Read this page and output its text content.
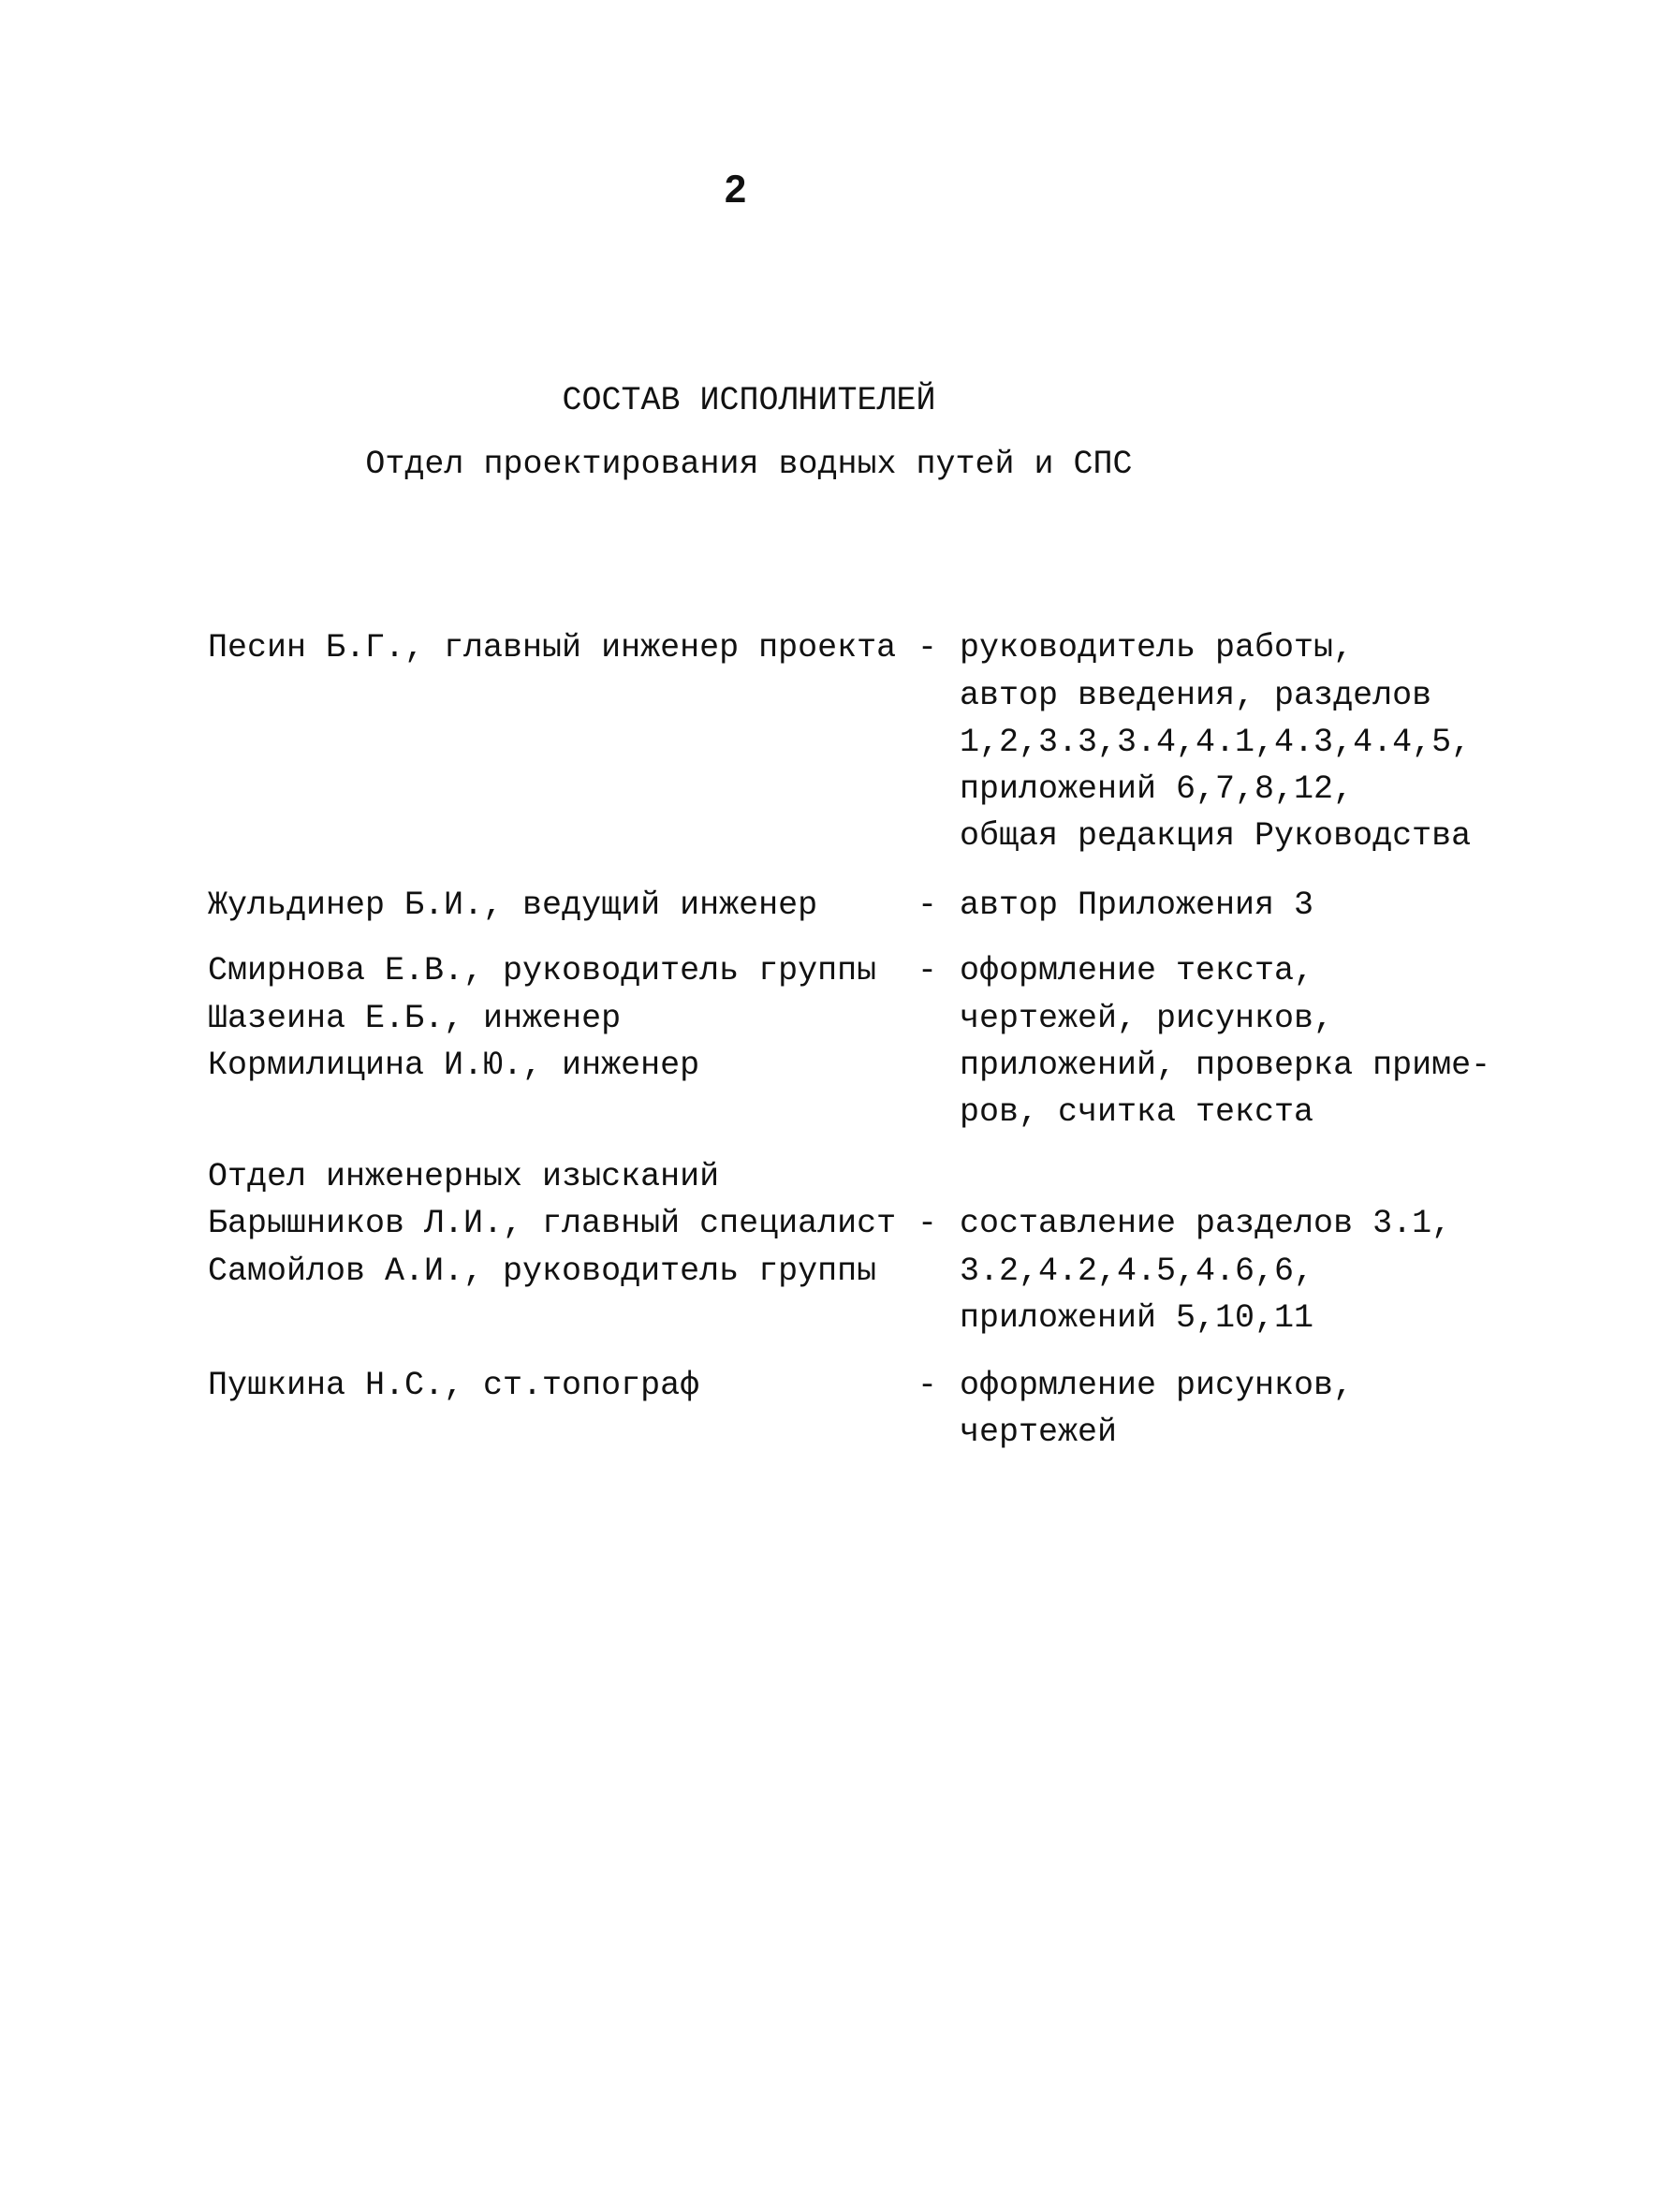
2
СОСТАВ ИСПОЛНИТЕЛЕЙ
Отдел проектирования водных путей и СПС
Песин Б.Г., главный инженер проекта - руководитель работы,
автор введения, разделов
1,2,3.3,3.4,4.1,4.3,4.4,5,
приложений 6,7,8,12,
общая редакция Руководства
Жульдинер Б.И., ведущий инженер	- автор Приложения 3
Смирнова Е.В., руководитель группы
Шазеина Е.Б., инженер
Кормилицина И.Ю., инженер
- оформление текста,
чертежей, рисунков,
приложений, проверка приме-
ров, считка текста
Отдел инженерных изысканий
Барышников Л.И., главный специалист
Самойлов А.И., руководитель группы
- составление разделов 3.1,
3.2,4.2,4.5,4.6,6,
приложений 5,10,11
Пушкина Н.С., ст.топограф	- оформление рисунков,
чертежей
